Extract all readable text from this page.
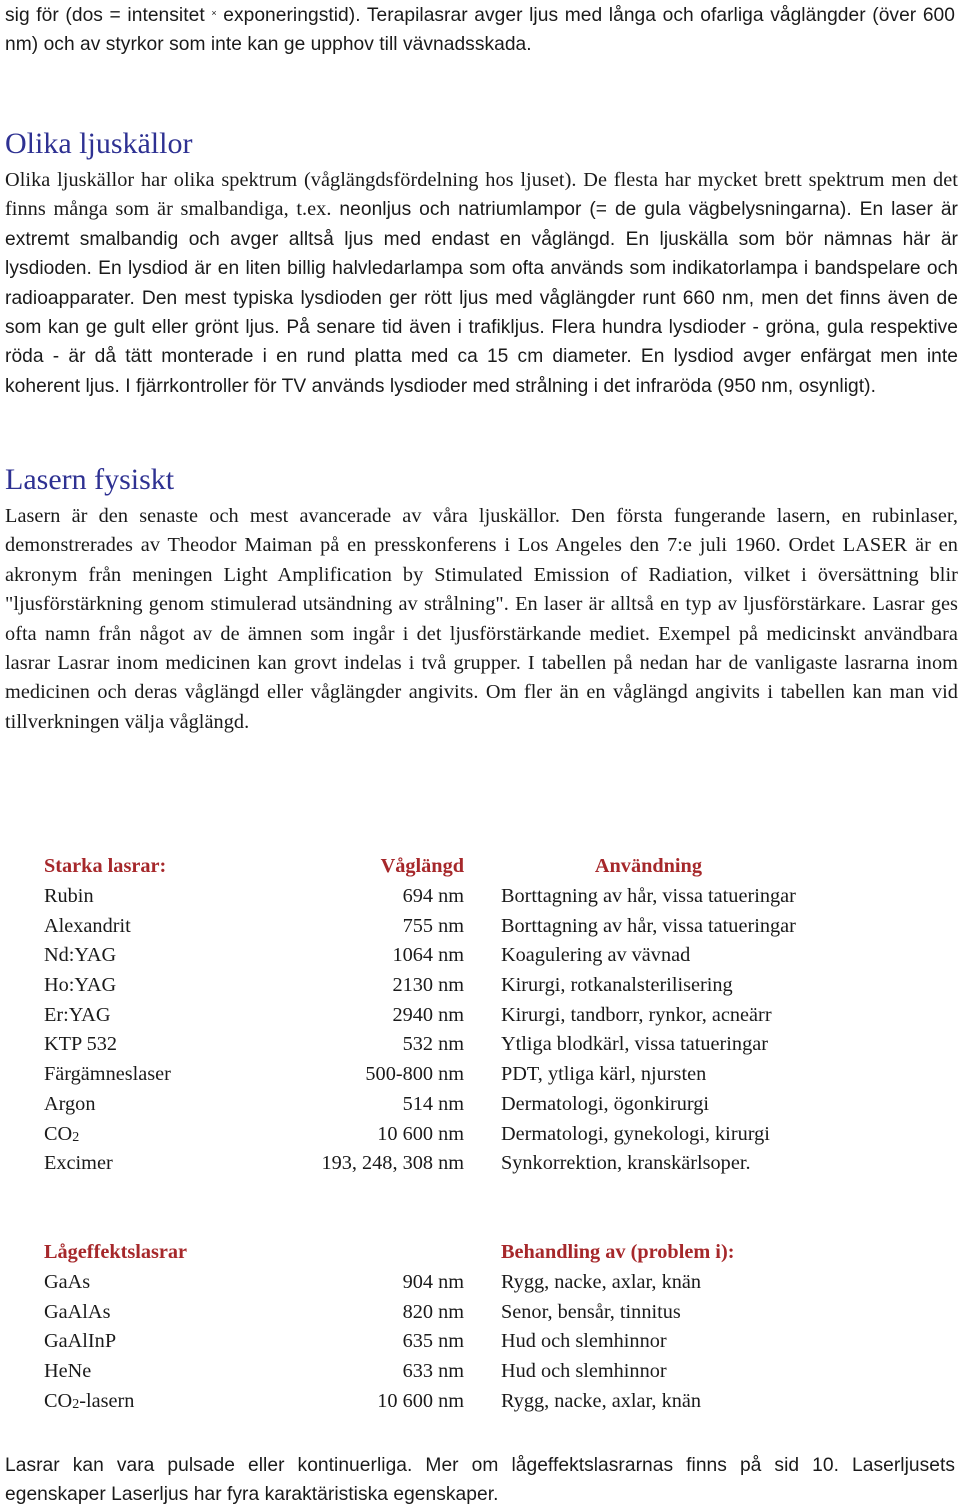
sig för (dos = intensitet × exponeringstid). Terapilasrar avger ljus med långa och ofarliga våglängder (över 600 nm) och av styrkor som inte kan ge upphov till vävnadsskada.

Olika ljuskällor

Olika ljuskällor har olika spektrum (våglängdsfördelning hos ljuset). De flesta har mycket brett spektrum men det finns många som är smalbandiga, t.ex. neonljus och natriumlampor (= de gula vägbelysningarna). En laser är extremt smalbandig och avger alltså ljus med endast en våglängd. En ljuskälla som bör nämnas här är lysdioden. En lysdiod är en liten billig halvledarlampa som ofta används som indikatorlampa i bandspelare och radioapparater. Den mest typiska lysdioden ger rött ljus med våglängder runt 660 nm, men det finns även de som kan ge gult eller grönt ljus. På senare tid även i trafikljus. Flera hundra lysdioder - gröna, gula respektive röda - är då tätt monterade i en rund platta med ca 15 cm diameter. En lysdiod avger enfärgat men inte koherent ljus. I fjärrkontroller för TV används lysdioder med strålning i det infraröda (950 nm, osynligt).

Lasern fysiskt

Lasern är den senaste och mest avancerade av våra ljuskällor. Den första fungerande lasern, en rubinlaser, demonstrerades av Theodor Maiman på en presskonferens i Los Angeles den 7:e juli 1960. Ordet LASER är en akronym från meningen Light Amplification by Stimulated Emission of Radiation, vilket i översättning blir "ljusförstärkning genom stimulerad utsändning av strålning". En laser är alltså en typ av ljusförstärkare. Lasrar ges ofta namn från något av de ämnen som ingår i det ljusförstärkande mediet. Exempel på medicinskt användbara lasrar Lasrar inom medicinen kan grovt indelas i två grupper. I tabellen på nedan har de vanligaste lasrarna inom medicinen och deras våglängd eller våglängder angivits. Om fler än en våglängd angivits i tabellen kan man vid tillverkningen välja våglängd.

Starka lasrar:	Våglängd	Användning
Rubin	694 nm	Borttagning av hår, vissa tatueringar
Alexandrit	755 nm	Borttagning av hår, vissa tatueringar
Nd:YAG	1064 nm	Koagulering av vävnad
Ho:YAG	2130 nm	Kirurgi, rotkanalsterilisering
Er:YAG	2940 nm	Kirurgi, tandborr, rynkor, acneärr
KTP 532	532 nm	Ytliga blodkärl, vissa tatueringar
Färgämneslaser	500-800 nm	PDT, ytliga kärl, njursten
Argon	514 nm	Dermatologi, ögonkirurgi
$CO_2$	10 600 nm	Dermatologi, gynekologi, kirurgi
Excimer	193, 248, 308 nm	Synkorrektion, kranskärlsoper.

Lågeffektslasrar		Behandling av (problem i):
GaAs	904 nm	Rygg, nacke, axlar, knän
GaAlAs	820 nm	Senor, bensår, tinnitus
GaAlInP	635 nm	Hud och slemhinnor
HeNe	633 nm	Hud och slemhinnor
$CO_2$-lasern	10 600 nm	Rygg, nacke, axlar, knän

Lasrar kan vara pulsade eller kontinuerliga. Mer om lågeffektslasrarnas finns på sid 10. Laserljusets egenskaper Laserljus har fyra karaktäristiska egenskaper.
